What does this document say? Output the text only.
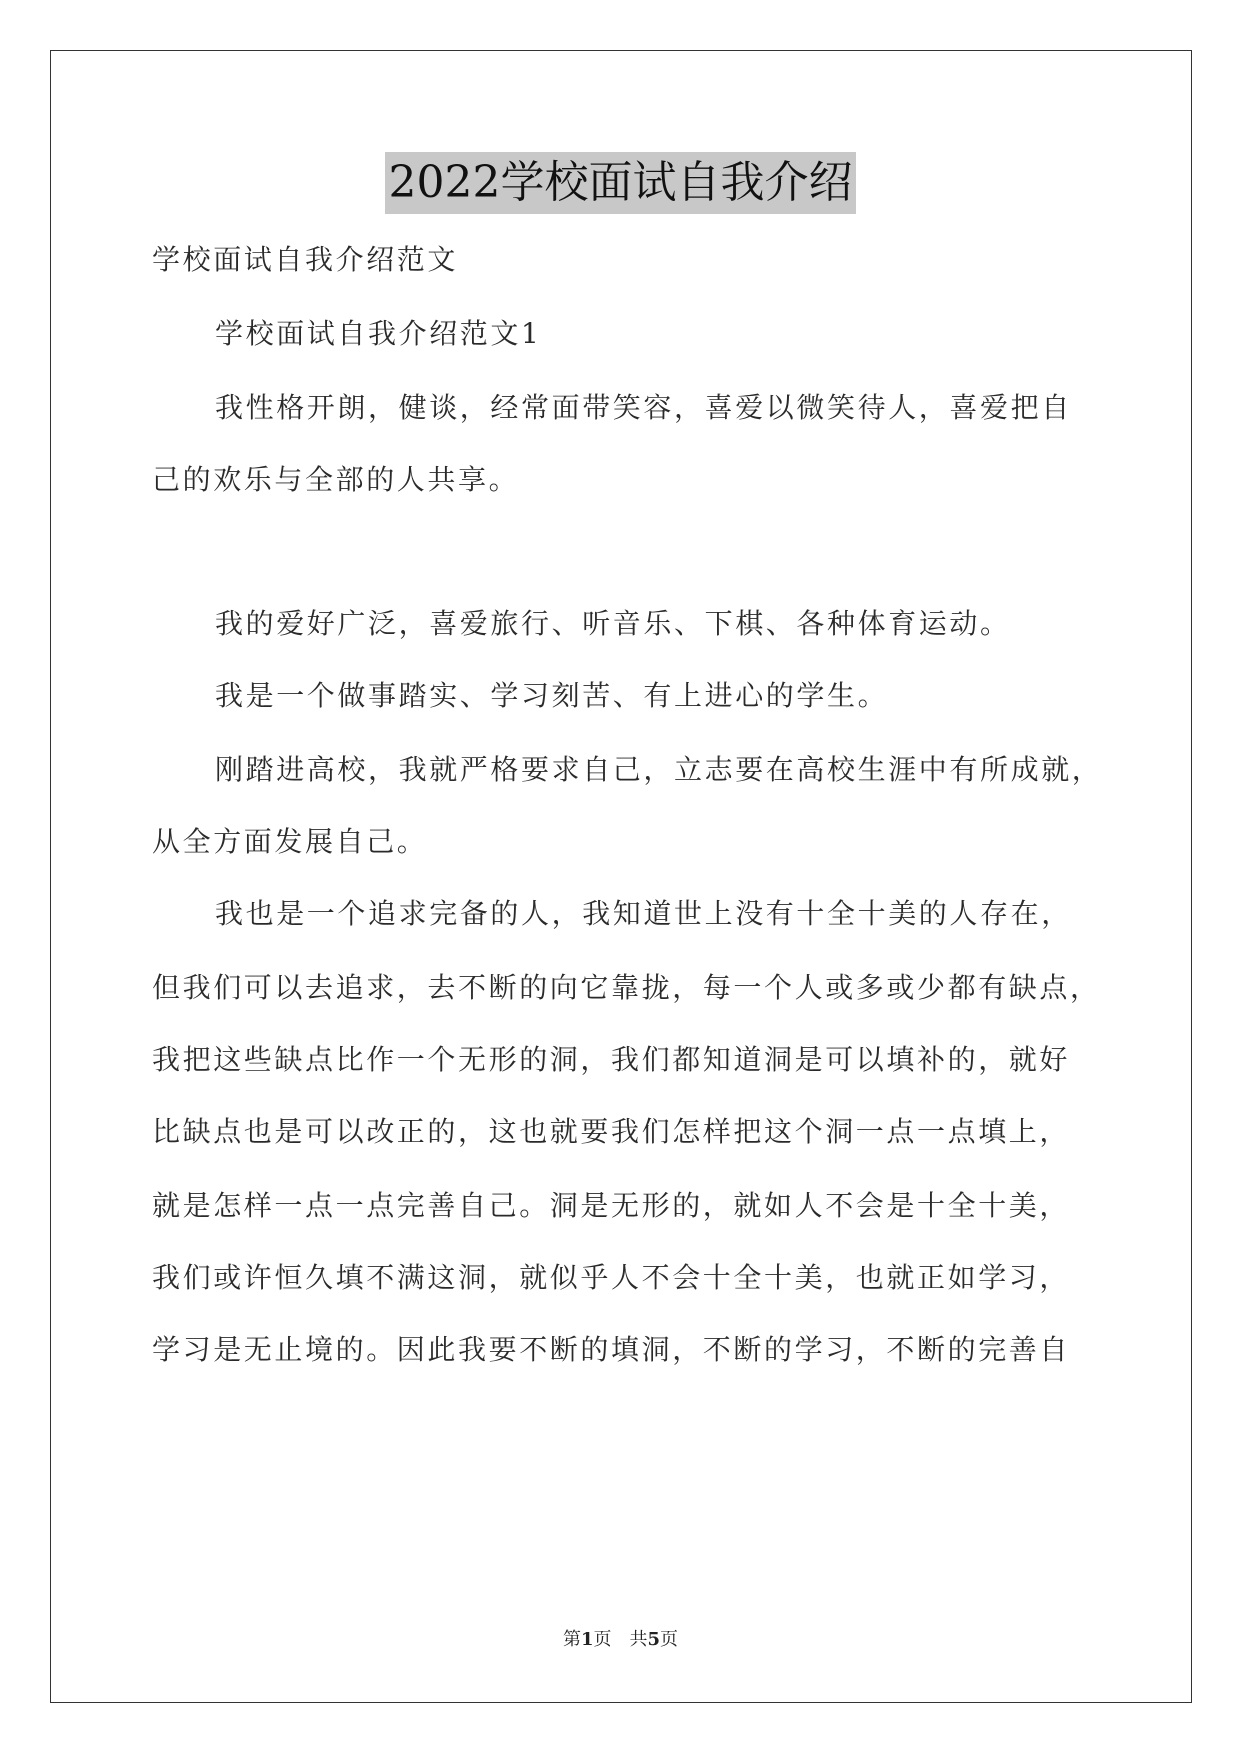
2022学校面试自我介绍
学校面试自我介绍范文
学校面试自我介绍范文1
我性格开朗，健谈，经常面带笑容，喜爱以微笑待人，喜爱把自
己的欢乐与全部的人共享。
我的爱好广泛，喜爱旅行、听音乐、下棋、各种体育运动。
我是一个做事踏实、学习刻苦、有上进心的学生。
刚踏进高校，我就严格要求自己，立志要在高校生涯中有所成就，
从全方面发展自己。
我也是一个追求完备的人，我知道世上没有十全十美的人存在，
但我们可以去追求，去不断的向它靠拢，每一个人或多或少都有缺点，
我把这些缺点比作一个无形的洞，我们都知道洞是可以填补的，就好
比缺点也是可以改正的，这也就要我们怎样把这个洞一点一点填上，
就是怎样一点一点完善自己。洞是无形的，就如人不会是十全十美，
我们或许恒久填不满这洞，就似乎人不会十全十美，也就正如学习，
学习是无止境的。因此我要不断的填洞，不断的学习，不断的完善自
第1页　共5页
